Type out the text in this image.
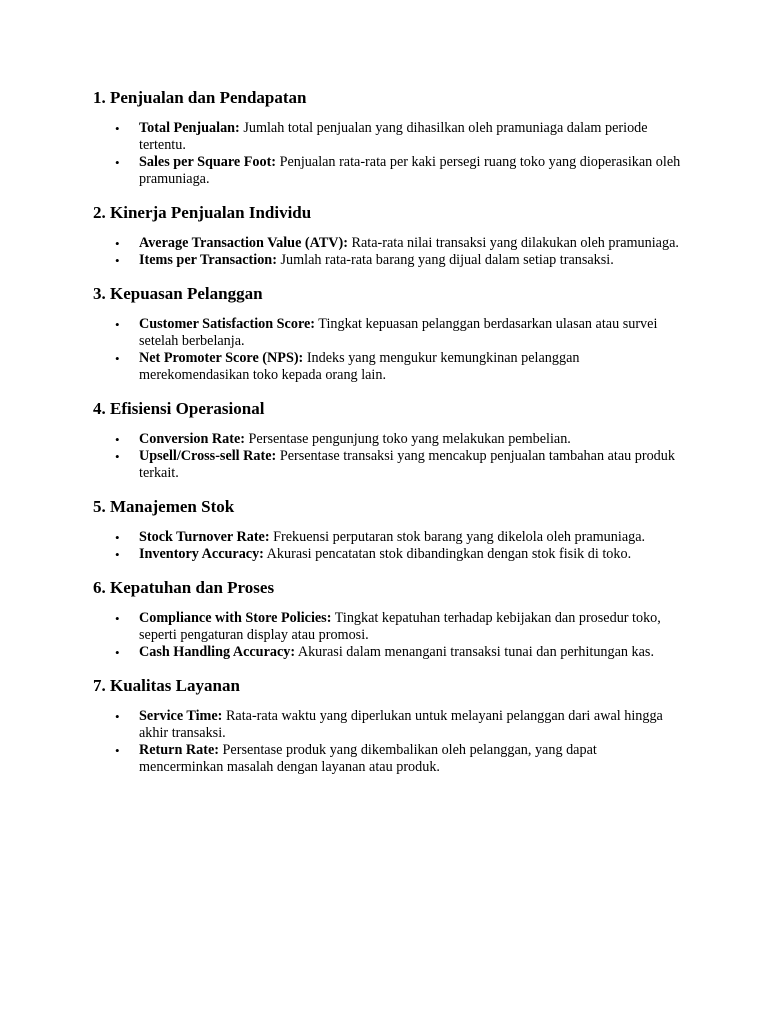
1. Penjualan dan Pendapatan
• Total Penjualan: Jumlah total penjualan yang dihasilkan oleh pramuniaga dalam periode tertentu.
• Sales per Square Foot: Penjualan rata-rata per kaki persegi ruang toko yang dioperasikan oleh pramuniaga.
2. Kinerja Penjualan Individu
• Average Transaction Value (ATV): Rata-rata nilai transaksi yang dilakukan oleh pramuniaga.
• Items per Transaction: Jumlah rata-rata barang yang dijual dalam setiap transaksi.
3. Kepuasan Pelanggan
• Customer Satisfaction Score: Tingkat kepuasan pelanggan berdasarkan ulasan atau survei setelah berbelanja.
• Net Promoter Score (NPS): Indeks yang mengukur kemungkinan pelanggan merekomendasikan toko kepada orang lain.
4. Efisiensi Operasional
• Conversion Rate: Persentase pengunjung toko yang melakukan pembelian.
• Upsell/Cross-sell Rate: Persentase transaksi yang mencakup penjualan tambahan atau produk terkait.
5. Manajemen Stok
• Stock Turnover Rate: Frekuensi perputaran stok barang yang dikelola oleh pramuniaga.
• Inventory Accuracy: Akurasi pencatatan stok dibandingkan dengan stok fisik di toko.
6. Kepatuhan dan Proses
• Compliance with Store Policies: Tingkat kepatuhan terhadap kebijakan dan prosedur toko, seperti pengaturan display atau promosi.
• Cash Handling Accuracy: Akurasi dalam menangani transaksi tunai dan perhitungan kas.
7. Kualitas Layanan
• Service Time: Rata-rata waktu yang diperlukan untuk melayani pelanggan dari awal hingga akhir transaksi.
• Return Rate: Persentase produk yang dikembalikan oleh pelanggan, yang dapat mencerminkan masalah dengan layanan atau produk.
